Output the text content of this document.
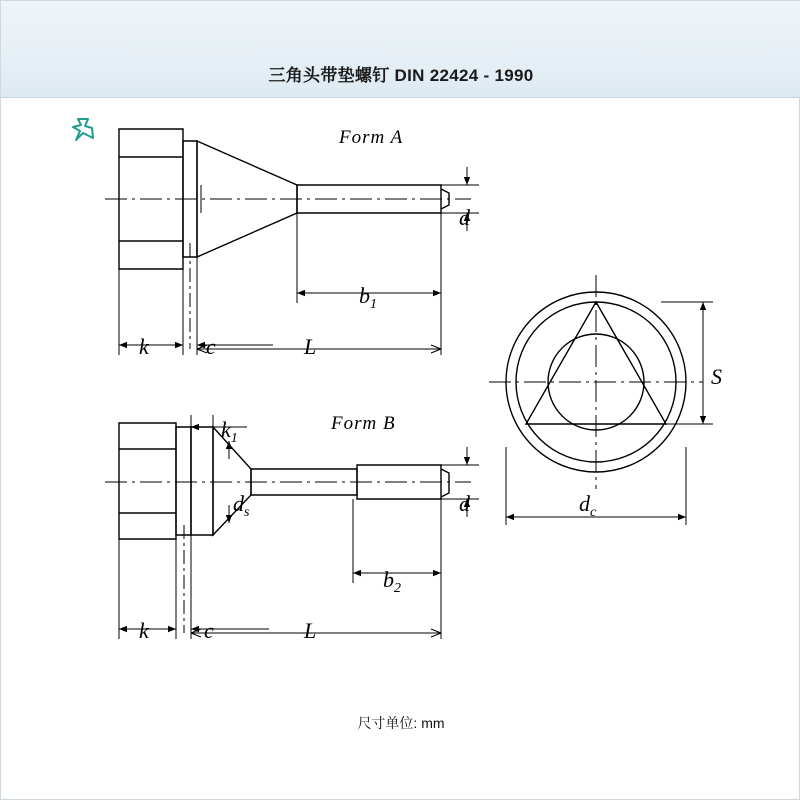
三角头带垫螺钉 DIN 22424 - 1990
Form A
Form B
d
$b_1$
k	c	L
$k_1$
$d_s$	d
$b_2$
k	c	L
S
$d_c$
尺寸单位: mm
